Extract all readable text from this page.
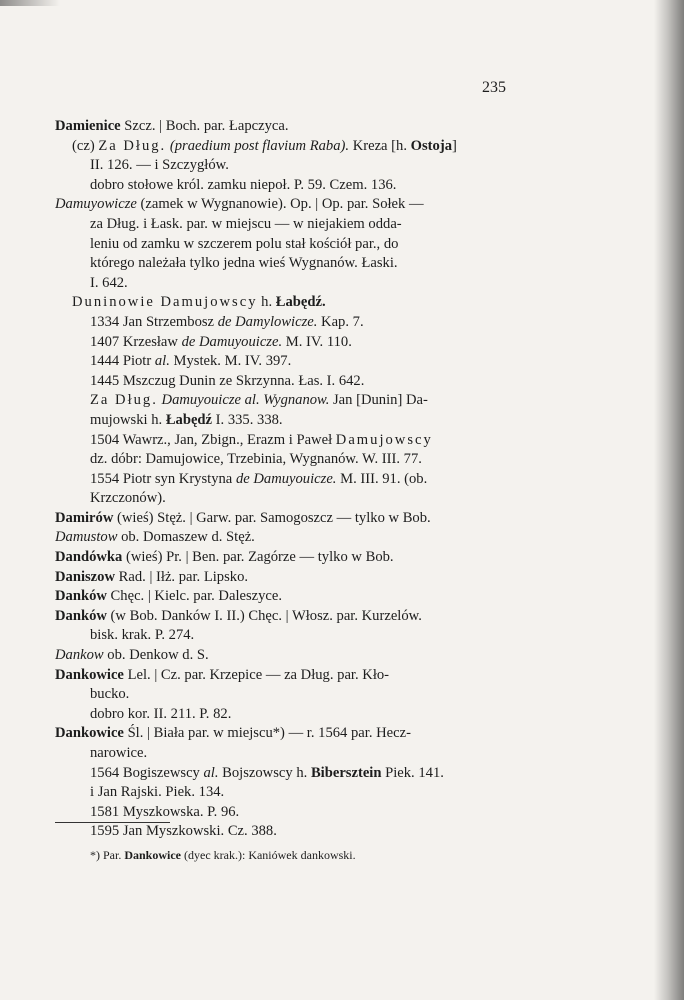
235
Damienice Szcz. | Boch. par. Łapczyca.
(cz) Za Dług. (praedium post flavium Raba). Kreza [h. Ostoja]
II. 126. — i Szczygłów.
dobro stołowe król. zamku niepoł. P. 59. Czem. 136.
Damuyowicze (zamek w Wygnanowie). Op. | Op. par. Sołek —
za Dług. i Łask. par. w miejscu — w niejakiem odda-
leniu od zamku w szczerem polu stał kościół par., do
którego należała tylko jedna wieś Wygnanów. Łaski.
I. 642.
Duninowie Damujowscy h. Łabędź.
1334 Jan Strzembosz de Damylowicze. Kap. 7.
1407 Krzesław de Damuyouicze. M. IV. 110.
1444 Piotr al. Mystek. M. IV. 397.
1445 Mszczug Dunin ze Skrzynna. Łas. I. 642.
Za Dług. Damuyouicze al. Wygnanow. Jan [Dunin] Da-
mujowski h. Łabędź I. 335. 338.
1504 Wawrz., Jan, Zbign., Erazm i Paweł Damujowscy
dz. dóbr: Damujowice, Trzebinia, Wygnanów. W. III. 77.
1554 Piotr syn Krystyna de Damuyouicze. M. III. 91. (ob.
Krzczonów).
Damirów (wieś) Stęż. | Garw. par. Samogoszcz — tylko w Bob.
Damustow ob. Domaszew d. Stęż.
Dandówka (wieś) Pr. | Ben. par. Zagórze — tylko w Bob.
Daniszow Rad. | Iłż. par. Lipsko.
Danków Chęc. | Kielc. par. Daleszyce.
Danków (w Bob. Danków I. II.) Chęc. | Włosz. par. Kurzelów.
bisk. krak. P. 274.
Dankow ob. Denkow d. S.
Dankowice Lel. | Cz. par. Krzepice — za Dług. par. Kło-
bucko.
dobro kor. II. 211. P. 82.
Dankowice Śl. | Biała par. w miejscu*) — r. 1564 par. Hecz-
narowice.
1564 Bogiszewscy al. Bojszowscy h. Bibersztein Piek. 141.
i Jan Rajski. Piek. 134.
1581 Myszkowska. P. 96.
1595 Jan Myszkowski. Cz. 388.
*) Par. Dankowice (dyec krak.): Kaniówek dankowski.
